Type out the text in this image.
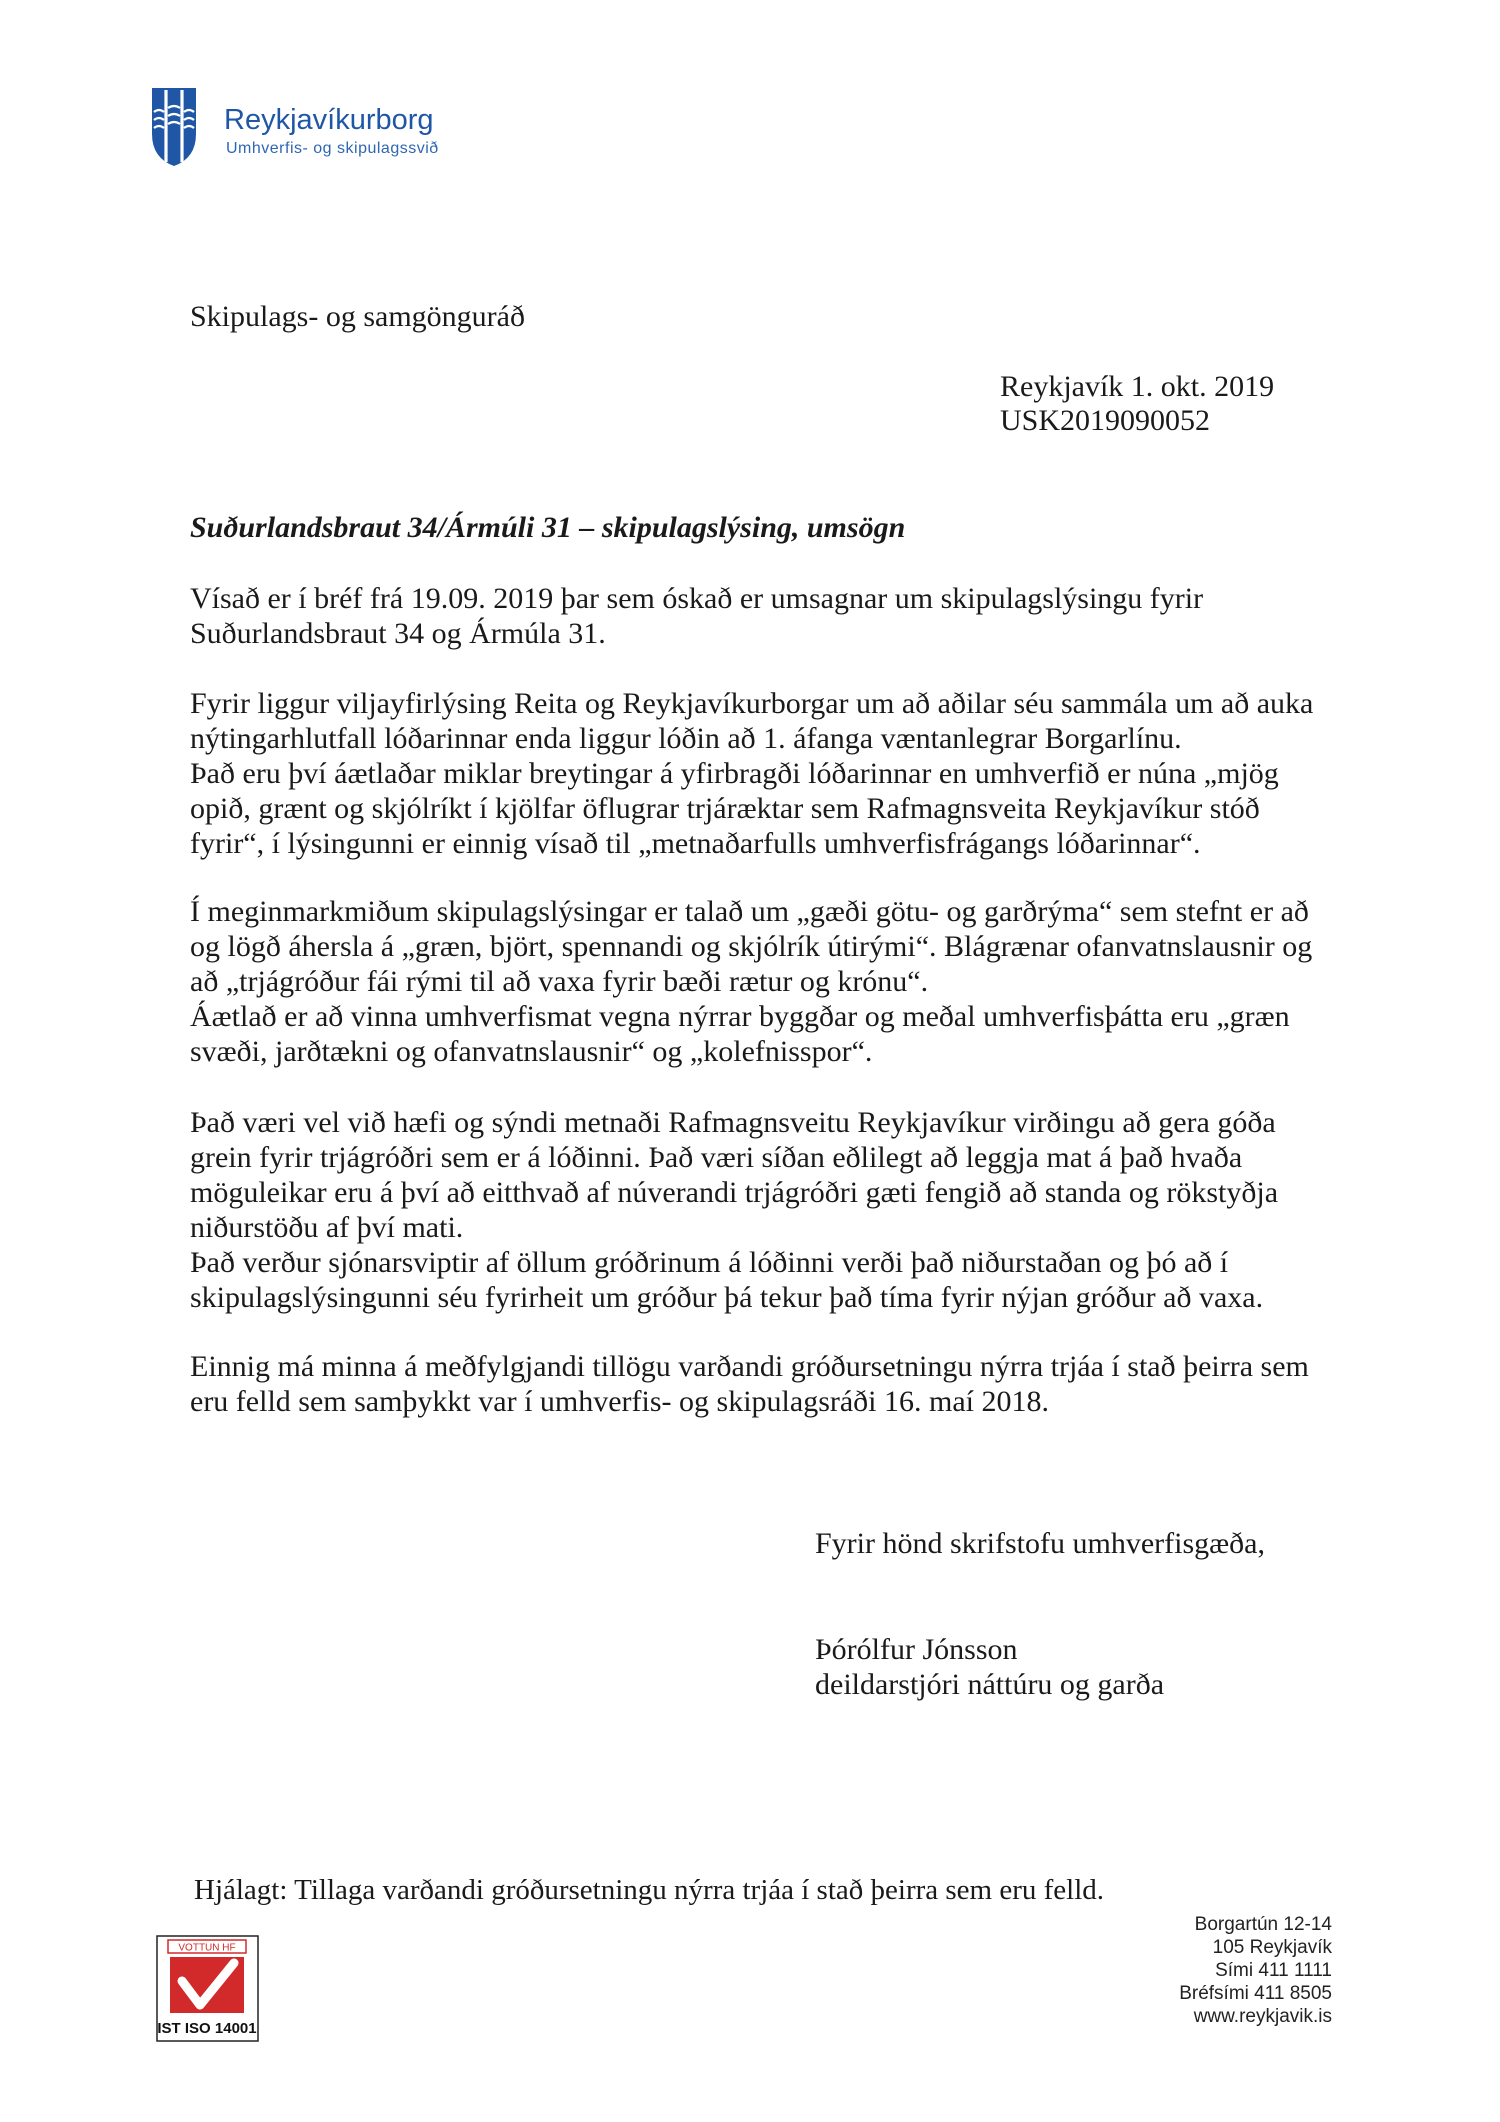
Reykjavíkurborg
Umhverfis- og skipulagssvið
Skipulags- og samgönguráð
Reykjavík 1. okt. 2019
USK2019090052
Suðurlandsbraut 34/Ármúli 31 – skipulagslýsing, umsögn
Vísað er í bréf frá 19.09. 2019 þar sem óskað er umsagnar um skipulagslýsingu fyrir
Suðurlandsbraut 34 og Ármúla 31.
Fyrir liggur viljayfirlýsing Reita og Reykjavíkurborgar um að aðilar séu sammála um að auka
nýtingarhlutfall lóðarinnar enda liggur lóðin að 1. áfanga væntanlegrar Borgarlínu.
Það eru því áætlaðar miklar breytingar á yfirbragði lóðarinnar en umhverfið er núna „mjög
opið, grænt og skjólríkt í kjölfar öflugrar trjáræktar sem Rafmagnsveita Reykjavíkur stóð
fyrir“, í lýsingunni er einnig vísað til „metnaðarfulls umhverfisfrágangs lóðarinnar“.
Í meginmarkmiðum skipulagslýsingar er talað um „gæði götu- og garðrýma“ sem stefnt er að
og lögð áhersla á „græn, björt, spennandi og skjólrík útirými“. Blágrænar ofanvatnslausnir og
að „trjágróður fái rými til að vaxa fyrir bæði rætur og krónu“.
Áætlað er að vinna umhverfismat vegna nýrrar byggðar og meðal umhverfisþátta eru „græn
svæði, jarðtækni og ofanvatnslausnir“ og „kolefnisspor“.
Það væri vel við hæfi og sýndi metnaði Rafmagnsveitu Reykjavíkur virðingu að gera góða
grein fyrir trjágróðri sem er á lóðinni. Það væri síðan eðlilegt að leggja mat á það hvaða
möguleikar eru á því að eitthvað af núverandi trjágróðri gæti fengið að standa og rökstyðja
niðurstöðu af því mati.
Það verður sjónarsviptir af öllum gróðrinum á lóðinni verði það niðurstaðan og þó að í
skipulagslýsingunni séu fyrirheit um gróður þá tekur það tíma fyrir nýjan gróður að vaxa.
Einnig má minna á meðfylgjandi tillögu varðandi gróðursetningu nýrra trjáa í stað þeirra sem
eru felld sem samþykkt var í umhverfis- og skipulagsráði 16. maí 2018.
Fyrir hönd skrifstofu umhverfisgæða,
Þórólfur Jónsson
deildarstjóri náttúru og garða
Hjálagt: Tillaga varðandi gróðursetningu nýrra trjáa í stað þeirra sem eru felld.
VOTTUN HF
IST ISO 14001
Borgartún 12-14
105 Reykjavík
Sími 411 1111
Bréfsími 411 8505
www.reykjavik.is
